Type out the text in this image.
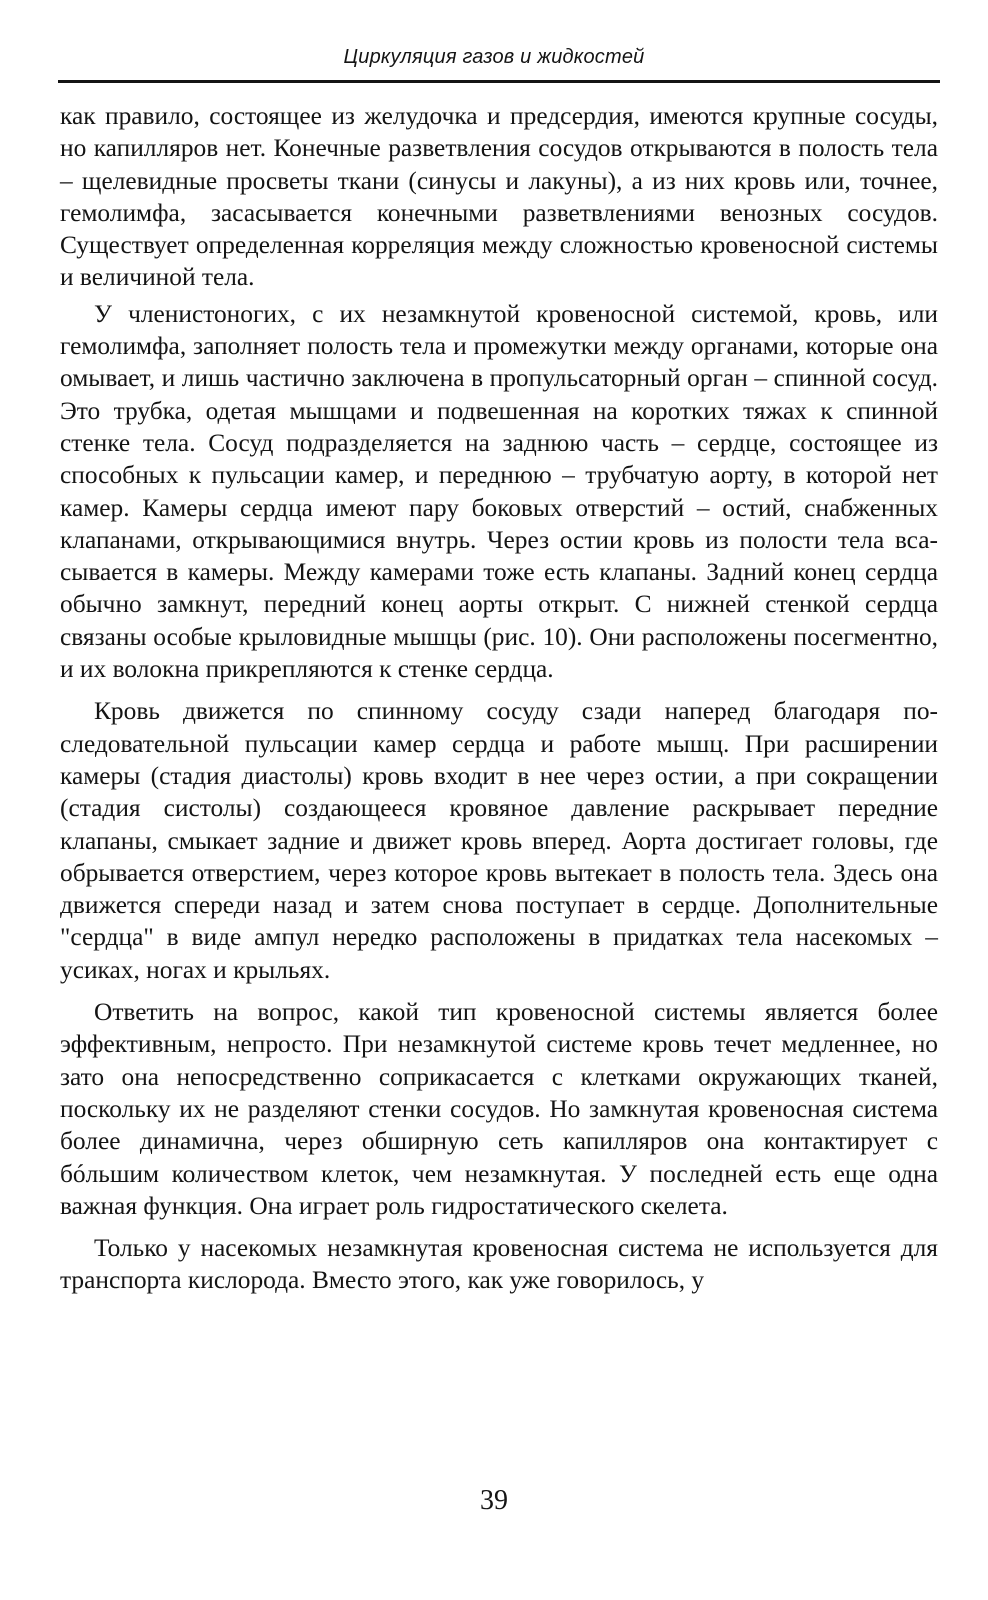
Циркуляция газов и жидкостей

как правило, состоящее из желудочка и предсердия, имеются крупные сосуды, но капилляров нет. Конечные разветвления сосудов открываются в полость тела – щелевидные просветы ткани (синусы и лакуны), а из них кровь или, точнее, гемолимфа, засасывается конечными разветвлениями венозных сосудов. Существует определенная корреляция между сложностью кровеносной системы и величиной тела.

У членистоногих, с их незамкнутой кровеносной системой, кровь, или гемолимфа, заполняет полость тела и промежутки между органами, которые она омывает, и лишь частично заключена в пропульсаторный орган – спинной сосуд. Это трубка, одетая мышцами и подвешенная на коротких тяжах к спинной стенке тела. Сосуд подразделяется на заднюю часть – сердце, состоящее из способных к пульсации камер, и переднюю – трубчатую аорту, в которой нет камер. Камеры сердца имеют пару боковых отверстий – остий, снабженных клапанами, открывающимися внутрь. Через остии кровь из полости тела всасывается в камеры. Между камерами тоже есть клапаны. Задний конец сердца обычно замкнут, передний конец аорты открыт. С нижней стенкой сердца связаны особые крыловидные мышцы (рис. 10). Они расположены посегментно, и их волокна прикрепляются к стенке сердца.

Кровь движется по спинному сосуду сзади наперед благодаря последовательной пульсации камер сердца и работе мышц. При расширении камеры (стадия диастолы) кровь входит в нее через остии, а при сокращении (стадия систолы) создающееся кровяное давление раскрывает передние клапаны, смыкает задние и движет кровь вперед. Аорта достигает головы, где обрывается отверстием, через которое кровь вытекает в полость тела. Здесь она движется спереди назад и затем снова поступает в сердце. Дополнительные "сердца" в виде ампул нередко расположены в придатках тела насекомых – усиках, ногах и крыльях.

Ответить на вопрос, какой тип кровеносной системы является более эффективным, непросто. При незамкнутой системе кровь течет медленнее, но зато она непосредственно соприкасается с клетками окружающих тканей, поскольку их не разделяют стенки сосудов. Но замкнутая кровеносная система более динамична, через обширную сеть капилляров она контактирует с бóльшим количеством клеток, чем незамкнутая. У последней есть еще одна важная функция. Она играет роль гидростатического скелета.

Только у насекомых незамкнутая кровеносная система не используется для транспорта кислорода. Вместо этого, как уже говорилось, у

39
